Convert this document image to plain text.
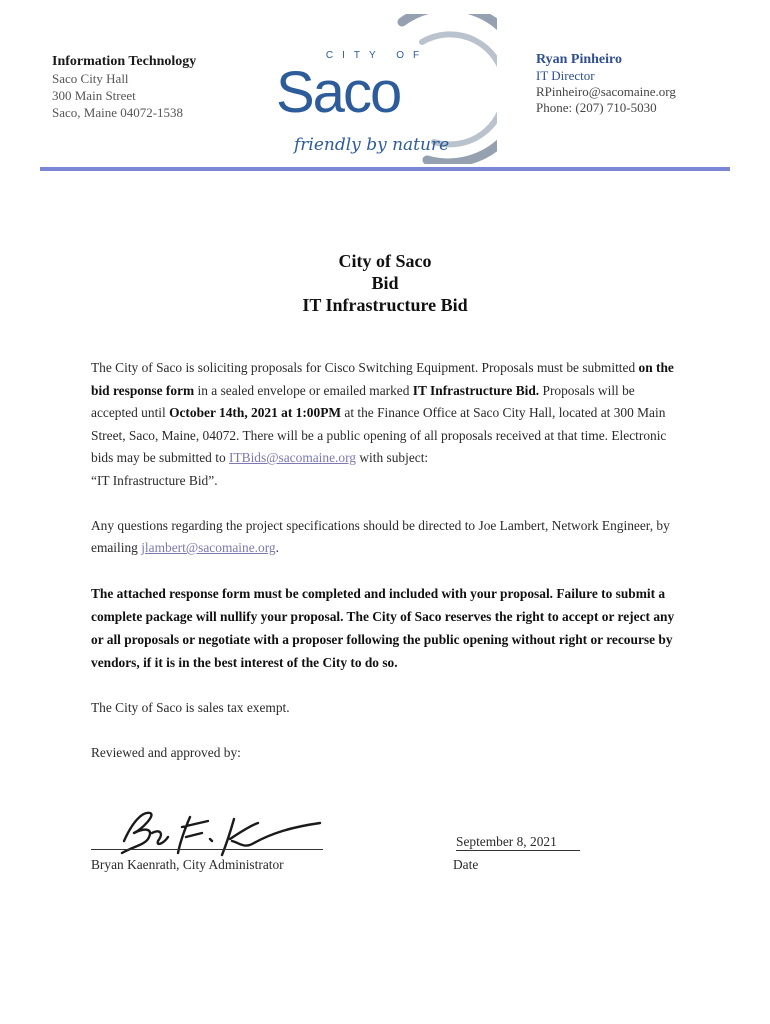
Information Technology
Saco City Hall
300 Main Street
Saco, Maine 04072-1538
CITY OF
Saco
friendly by nature
Ryan Pinheiro
IT Director
RPinheiro@sacomaine.org
Phone: (207) 710-5030
City of Saco
Bid
IT Infrastructure Bid

The City of Saco is soliciting proposals for Cisco Switching Equipment. Proposals must be submitted on the bid response form in a sealed envelope or emailed marked IT Infrastructure Bid. Proposals will be accepted until October 14th, 2021 at 1:00PM at the Finance Office at Saco City Hall, located at 300 Main Street, Saco, Maine, 04072. There will be a public opening of all proposals received at that time. Electronic bids may be submitted to ITBids@sacomaine.org with subject:
“IT Infrastructure Bid”.

Any questions regarding the project specifications should be directed to Joe Lambert, Network Engineer, by emailing jlambert@sacomaine.org.

The attached response form must be completed and included with your proposal. Failure to submit a complete package will nullify your proposal. The City of Saco reserves the right to accept or reject any or all proposals or negotiate with a proposer following the public opening without right or recourse by vendors, if it is in the best interest of the City to do so.

The City of Saco is sales tax exempt.

Reviewed and approved by:

Bryan Kaenrath, City Administrator
September 8, 2021
Date
